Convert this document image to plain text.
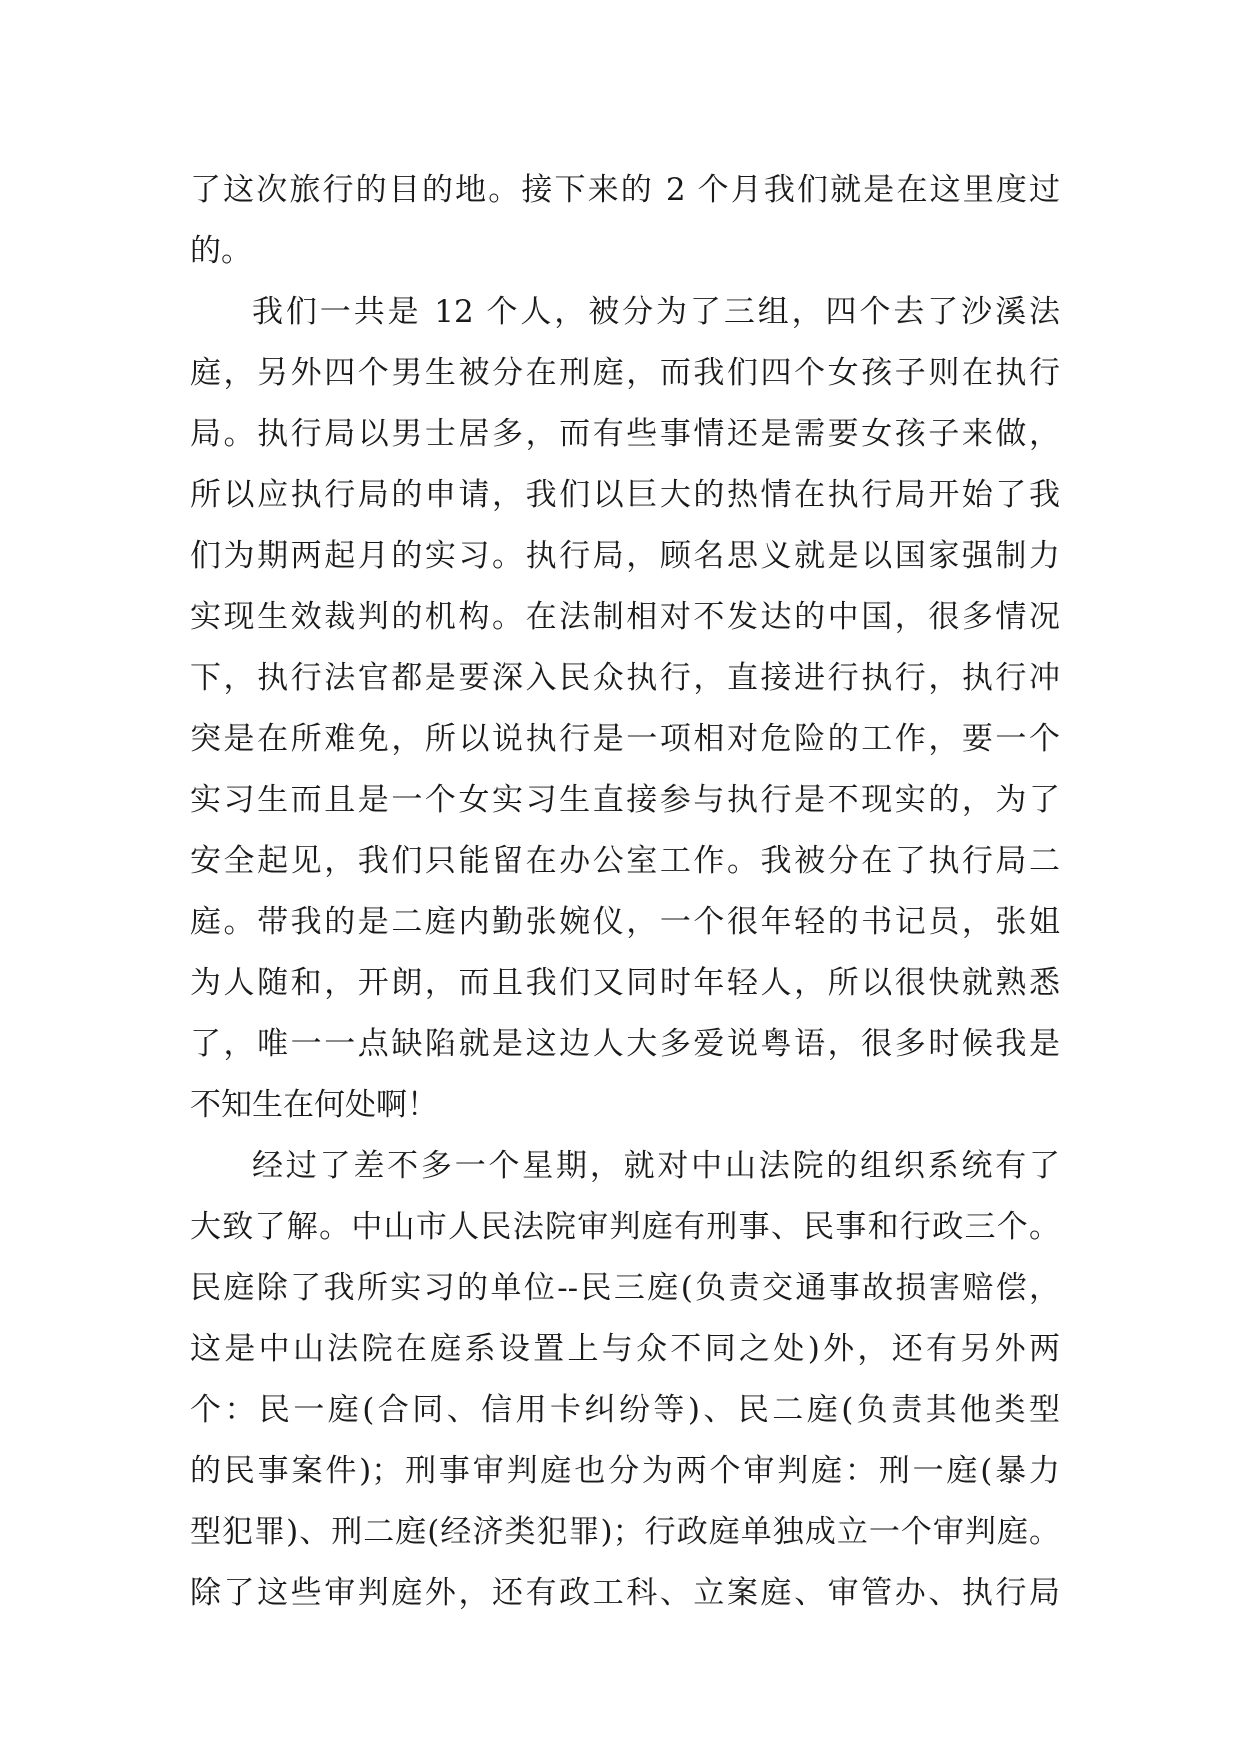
了这次旅行的目的地。接下来的 2 个月我们就是在这里度过
的。
我们一共是 12 个人，被分为了三组，四个去了沙溪法
庭，另外四个男生被分在刑庭，而我们四个女孩子则在执行
局。执行局以男士居多，而有些事情还是需要女孩子来做，
所以应执行局的申请，我们以巨大的热情在执行局开始了我
们为期两起月的实习。执行局，顾名思义就是以国家强制力
实现生效裁判的机构。在法制相对不发达的中国，很多情况
下，执行法官都是要深入民众执行，直接进行执行，执行冲
突是在所难免，所以说执行是一项相对危险的工作，要一个
实习生而且是一个女实习生直接参与执行是不现实的，为了
安全起见，我们只能留在办公室工作。我被分在了执行局二
庭。带我的是二庭内勤张婉仪，一个很年轻的书记员，张姐
为人随和，开朗，而且我们又同时年轻人，所以很快就熟悉
了，唯一一点缺陷就是这边人大多爱说粤语，很多时候我是
不知生在何处啊！
经过了差不多一个星期，就对中山法院的组织系统有了
大致了解。中山市人民法院审判庭有刑事、民事和行政三个。
民庭除了我所实习的单位--民三庭(负责交通事故损害赔偿，
这是中山法院在庭系设置上与众不同之处)外，还有另外两
个：民一庭(合同、信用卡纠纷等)、民二庭(负责其他类型
的民事案件)；刑事审判庭也分为两个审判庭：刑一庭(暴力
型犯罪)、刑二庭(经济类犯罪)；行政庭单独成立一个审判庭。
除了这些审判庭外，还有政工科、立案庭、审管办、执行局
